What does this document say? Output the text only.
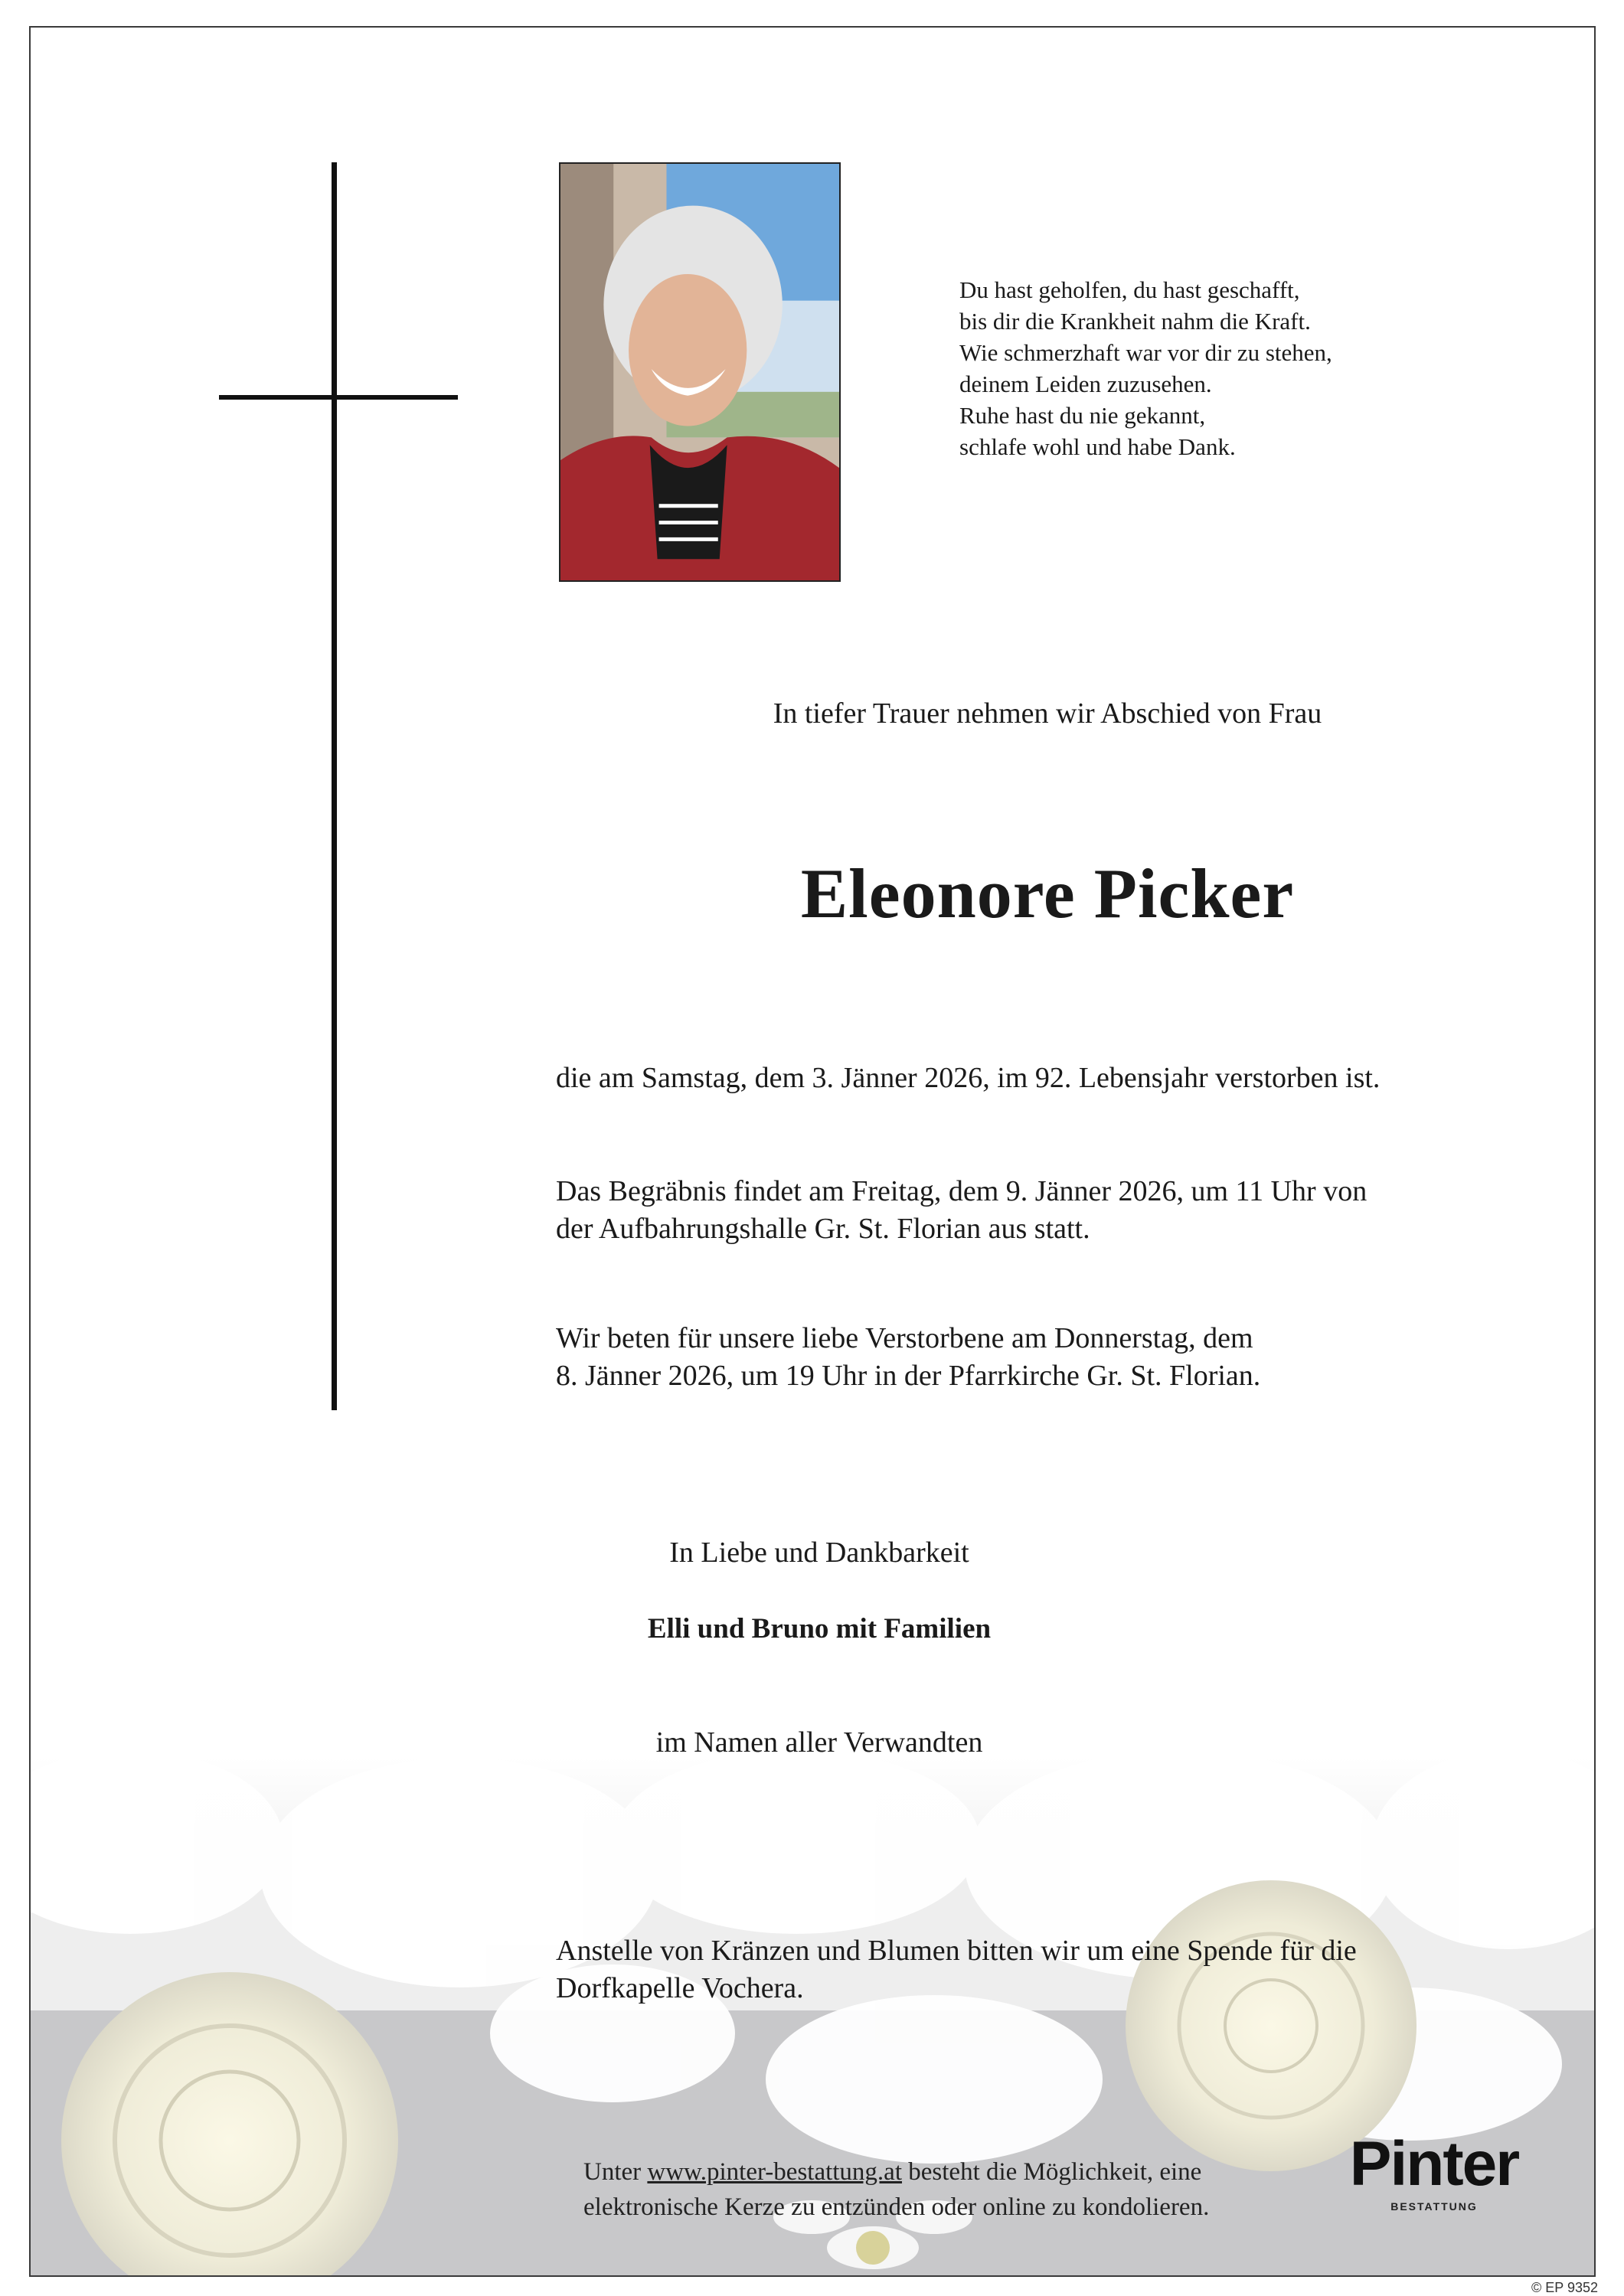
Du hast geholfen, du hast geschafft,
bis dir die Krankheit nahm die Kraft.
Wie schmerzhaft war vor dir zu stehen,
deinem Leiden zuzusehen.
Ruhe hast du nie gekannt,
schlafe wohl und habe Dank.
In tiefer Trauer nehmen wir Abschied von Frau
Eleonore Picker

die am Samstag, dem 3. Jänner 2026, im 92. Lebensjahr verstorben ist.

Das Begräbnis findet am Freitag, dem 9. Jänner 2026, um 11 Uhr von
der Aufbahrungshalle Gr. St. Florian aus statt.

Wir beten für unsere liebe Verstorbene am Donnerstag, dem
8. Jänner 2026, um 19 Uhr in der Pfarrkirche Gr. St. Florian.

In Liebe und Dankbarkeit
Elli und Bruno mit Familien
im Namen aller Verwandten

Anstelle von Kränzen und Blumen bitten wir um eine Spende für die
Dorfkapelle Vochera.

Unter www.pinter-bestattung.at besteht die Möglichkeit, eine
elektronische Kerze zu entzünden oder online zu kondolieren.

Pinter
BESTATTUNG
© EP 9352
